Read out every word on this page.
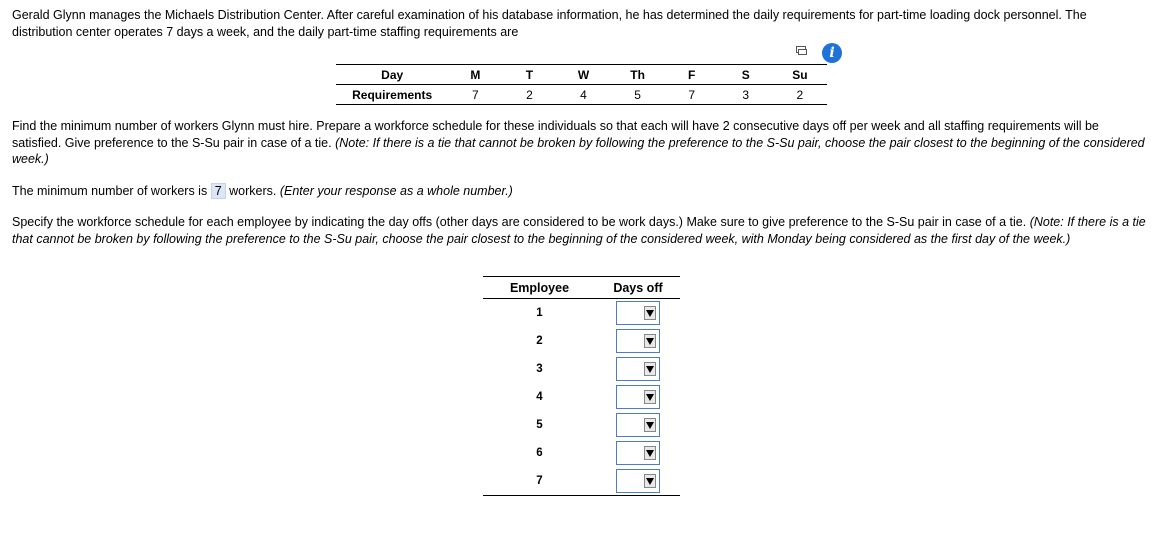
Gerald Glynn manages the Michaels Distribution Center. After careful examination of his database information, he has determined the daily requirements for part-time loading dock personnel. The distribution center operates 7 days a week, and the daily part-time staffing requirements are
i
Day	M	T	W	Th	F	S	Su
Requirements	7	2	4	5	7	3	2
Find the minimum number of workers Glynn must hire. Prepare a workforce schedule for these individuals so that each will have 2 consecutive days off per week and all staffing requirements will be satisfied. Give preference to the S-Su pair in case of a tie. (Note: If there is a tie that cannot be broken by following the preference to the S-Su pair, choose the pair closest to the beginning of the considered week.)
The minimum number of workers is 7 workers. (Enter your response as a whole number.)
Specify the workforce schedule for each employee by indicating the day offs (other days are considered to be work days.) Make sure to give preference to the S-Su pair in case of a tie. (Note: If there is a tie that cannot be broken by following the preference to the S-Su pair, choose the pair closest to the beginning of the considered week, with Monday being considered as the first day of the week.)
Employee	Days off
1
2
3
4
5
6
7
